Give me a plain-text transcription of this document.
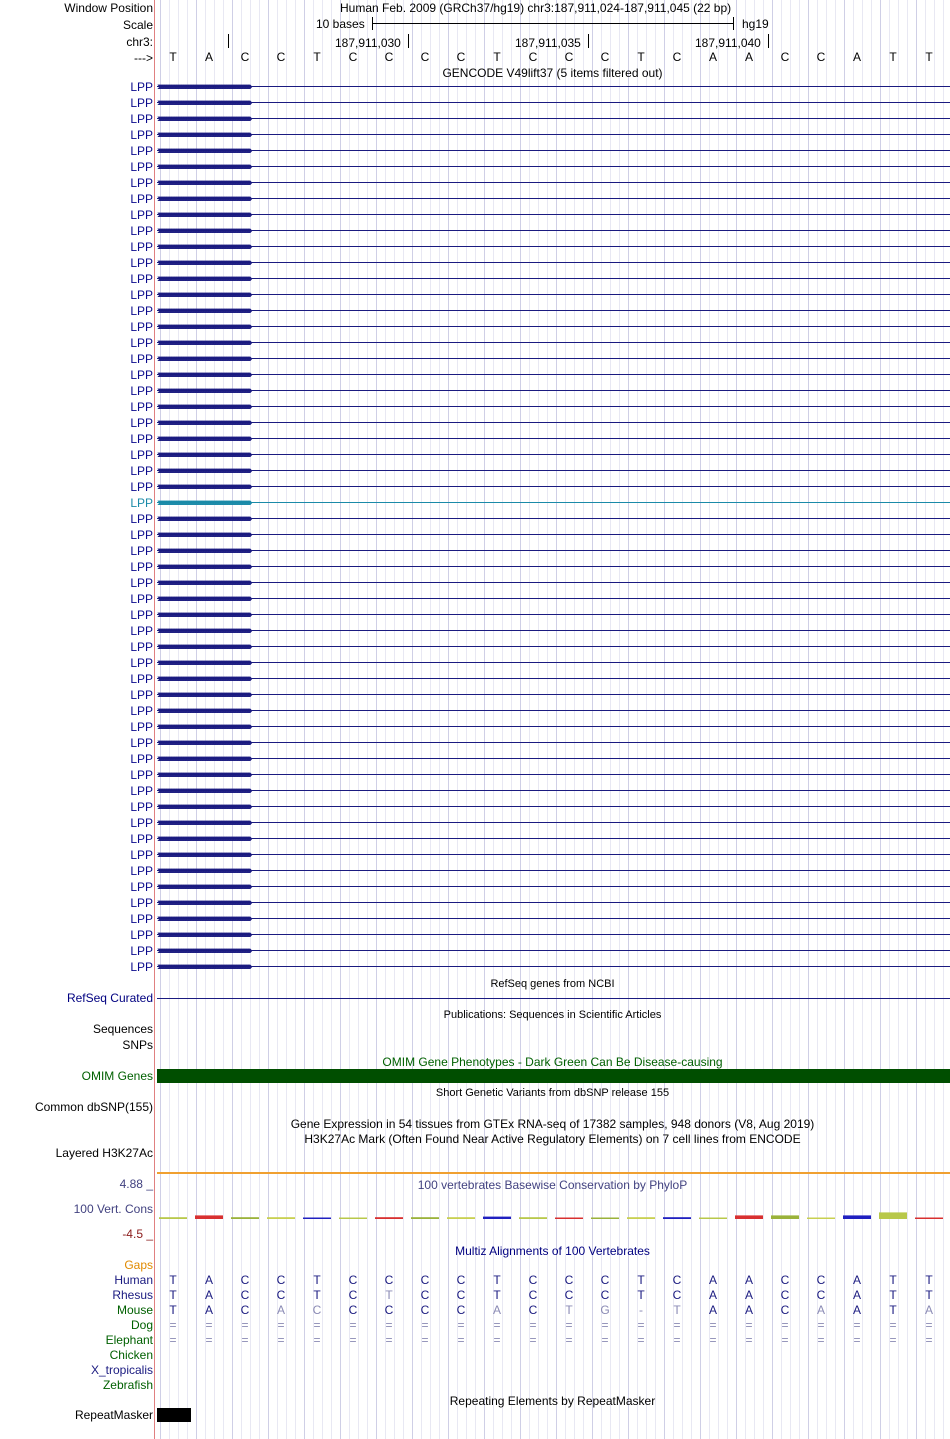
Window Position
Scale
chr3:
--->
Human Feb. 2009 (GRCh37/hg19) chr3:187,911,024-187,911,045 (22 bp)
10 bases	hg19
187,911,030	187,911,035	187,911,040
T	A	C	C	T	C	C	C	C	T	C	C	C	T	C	A	A	C	C	A	T	T
GENCODE V49lift37 (5 items filtered out)
LPP ››››››››››››››››››››››››››››››››››››››››››››››››››››››››››››››››››››››››››››››››››››››››››››››››››››››››››››››››››››››››››››››››››
LPP ››››››››››››››››››››››››››››››››››››››››››››››››››››››››››››››››››››››››››››››››››››››››››››››››››››››››››››››››››››››››››››››››››
LPP ››››››››››››››››››››››››››››››››››››››››››››››››››››››››››››››››››››››››››››››››››››››››››››››››››››››››››››››››››››››››››››››››››
LPP ››››››››››››››››››››››››››››››››››››››››››››››››››››››››››››››››››››››››››››››››››››››››››››››››››››››››››››››››››››››››››››››››››
LPP ››››››››››››››››››››››››››››››››››››››››››››››››››››››››››››››››››››››››››››››››››››››››››››››››››››››››››››››››››››››››››››››››››
LPP ››››››››››››››››››››››››››››››››››››››››››››››››››››››››››››››››››››››››››››››››››››››››››››››››››››››››››››››››››››››››››››››››››
LPP ››››››››››››››››››››››››››››››››››››››››››››››››››››››››››››››››››››››››››››››››››››››››››››››››››››››››››››››››››››››››››››››››››
LPP ››››››››››››››››››››››››››››››››››››››››››››››››››››››››››››››››››››››››››››››››››››››››››››››››››››››››››››››››››››››››››››››››››
LPP ››››››››››››››››››››››››››››››››››››››››››››››››››››››››››››››››››››››››››››››››››››››››››››››››››››››››››››››››››››››››››››››››››
LPP ››››››››››››››››››››››››››››››››››››››››››››››››››››››››››››››››››››››››››››››››››››››››››››››››››››››››››››››››››››››››››››››››››
LPP ››››››››››››››››››››››››››››››››››››››››››››››››››››››››››››››››››››››››››››››››››››››››››››››››››››››››››››››››››››››››››››››››››
LPP ››››››››››››››››››››››››››››››››››››››››››››››››››››››››››››››››››››››››››››››››››››››››››››››››››››››››››››››››››››››››››››››››››
LPP ››››››››››››››››››››››››››››››››››››››››››››››››››››››››››››››››››››››››››››››››››››››››››››››››››››››››››››››››››››››››››››››››››
LPP ››››››››››››››››››››››››››››››››››››››››››››››››››››››››››››››››››››››››››››››››››››››››››››››››››››››››››››››››››››››››››››››››››
LPP ››››››››››››››››››››››››››››››››››››››››››››››››››››››››››››››››››››››››››››››››››››››››››››››››››››››››››››››››››››››››››››››››››
LPP ››››››››››››››››››››››››››››››››››››››››››››››››››››››››››››››››››››››››››››››››››››››››››››››››››››››››››››››››››››››››››››››››››
LPP ››››››››››››››››››››››››››››››››››››››››››››››››››››››››››››››››››››››››››››››››››››››››››››››››››››››››››››››››››››››››››››››››››
LPP ››››››››››››››››››››››››››››››››››››››››››››››››››››››››››››››››››››››››››››››››››››››››››››››››››››››››››››››››››››››››››››››››››
LPP ››››››››››››››››››››››››››››››››››››››››››››››››››››››››››››››››››››››››››››››››››››››››››››››››››››››››››››››››››››››››››››››››››
LPP ››››››››››››››››››››››››››››››››››››››››››››››››››››››››››››››››››››››››››››››››››››››››››››››››››››››››››››››››››››››››››››››››››
LPP ››››››››››››››››››››››››››››››››››››››››››››››››››››››››››››››››››››››››››››››››››››››››››››››››››››››››››››››››››››››››››››››››››
LPP ››››››››››››››››››››››››››››››››››››››››››››››››››››››››››››››››››››››››››››››››››››››››››››››››››››››››››››››››››››››››››››››››››
LPP ››››››››››››››››››››››››››››››››››››››››››››››››››››››››››››››››››››››››››››››››››››››››››››››››››››››››››››››››››››››››››››››››››
LPP ››››››››››››››››››››››››››››››››››››››››››››››››››››››››››››››››››››››››››››››››››››››››››››››››››››››››››››››››››››››››››››››››››
LPP ››››››››››››››››››››››››››››››››››››››››››››››››››››››››››››››››››››››››››››››››››››››››››››››››››››››››››››››››››››››››››››››››››
LPP ››››››››››››››››››››››››››››››››››››››››››››››››››››››››››››››››››››››››››››››››››››››››››››››››››››››››››››››››››››››››››››››››››
LPP ››››››››››››››››››››››››››››››››››››››››››››››››››››››››››››››››››››››››››››››››››››››››››››››››››››››››››››››››››››››››››››››››››
LPP ››››››››››››››››››››››››››››››››››››››››››››››››››››››››››››››››››››››››››››››››››››››››››››››››››››››››››››››››››››››››››››››››››
LPP ››››››››››››››››››››››››››››››››››››››››››››››››››››››››››››››››››››››››››››››››››››››››››››››››››››››››››››››››››››››››››››››››››
LPP ››››››››››››››››››››››››››››››››››››››››››››››››››››››››››››››››››››››››››››››››››››››››››››››››››››››››››››››››››››››››››››››››››
LPP ››››››››››››››››››››››››››››››››››››››››››››››››››››››››››››››››››››››››››››››››››››››››››››››››››››››››››››››››››››››››››››››››››
LPP ››››››››››››››››››››››››››››››››››››››››››››››››››››››››››››››››››››››››››››››››››››››››››››››››››››››››››››››››››››››››››››››››››
LPP ››››››››››››››››››››››››››››››››››››››››››››››››››››››››››››››››››››››››››››››››››››››››››››››››››››››››››››››››››››››››››››››››››
LPP ››››››››››››››››››››››››››››››››››››››››››››››››››››››››››››››››››››››››››››››››››››››››››››››››››››››››››››››››››››››››››››››››››
LPP ››››››››››››››››››››››››››››››››››››››››››››››››››››››››››››››››››››››››››››››››››››››››››››››››››››››››››››››››››››››››››››››››››
LPP ››››››››››››››››››››››››››››››››››››››››››››››››››››››››››››››››››››››››››››››››››››››››››››››››››››››››››››››››››››››››››››››››››
LPP ››››››››››››››››››››››››››››››››››››››››››››››››››››››››››››››››››››››››››››››››››››››››››››››››››››››››››››››››››››››››››››››››››
LPP ››››››››››››››››››››››››››››››››››››››››››››››››››››››››››››››››››››››››››››››››››››››››››››››››››››››››››››››››››››››››››››››››››
LPP ››››››››››››››››››››››››››››››››››››››››››››››››››››››››››››››››››››››››››››››››››››››››››››››››››››››››››››››››››››››››››››››››››
LPP ››››››››››››››››››››››››››››››››››››››››››››››››››››››››››››››››››››››››››››››››››››››››››››››››››››››››››››››››››››››››››››››››››
LPP ››››››››››››››››››››››››››››››››››››››››››››››››››››››››››››››››››››››››››››››››››››››››››››››››››››››››››››››››››››››››››››››››››
LPP ››››››››››››››››››››››››››››››››››››››››››››››››››››››››››››››››››››››››››››››››››››››››››››››››››››››››››››››››››››››››››››››››››
LPP ››››››››››››››››››››››››››››››››››››››››››››››››››››››››››››››››››››››››››››››››››››››››››››››››››››››››››››››››››››››››››››››››››
LPP ››››››››››››››››››››››››››››››››››››››››››››››››››››››››››››››››››››››››››››››››››››››››››››››››››››››››››››››››››››››››››››››››››
LPP ››››››››››››››››››››››››››››››››››››››››››››››››››››››››››››››››››››››››››››››››››››››››››››››››››››››››››››››››››››››››››››››››››
LPP ››››››››››››››››››››››››››››››››››››››››››››››››››››››››››››››››››››››››››››››››››››››››››››››››››››››››››››››››››››››››››››››››››
LPP ››››››››››››››››››››››››››››››››››››››››››››››››››››››››››››››››››››››››››››››››››››››››››››››››››››››››››››››››››››››››››››››››››
LPP ››››››››››››››››››››››››››››››››››››››››››››››››››››››››››››››››››››››››››››››››››››››››››››››››››››››››››››››››››››››››››››››››››
LPP ››››››››››››››››››››››››››››››››››››››››››››››››››››››››››››››››››››››››››››››››››››››››››››››››››››››››››››››››››››››››››››››››››
LPP ››››››››››››››››››››››››››››››››››››››››››››››››››››››››››››››››››››››››››››››››››››››››››››››››››››››››››››››››››››››››››››››››››
LPP ››››››››››››››››››››››››››››››››››››››››››››››››››››››››››››››››››››››››››››››››››››››››››››››››››››››››››››››››››››››››››››››››››
LPP ››››››››››››››››››››››››››››››››››››››››››››››››››››››››››››››››››››››››››››››››››››››››››››››››››››››››››››››››››››››››››››››››››
LPP ››››››››››››››››››››››››››››››››››››››››››››››››››››››››››››››››››››››››››››››››››››››››››››››››››››››››››››››››››››››››››››››››››
LPP ››››››››››››››››››››››››››››››››››››››››››››››››››››››››››››››››››››››››››››››››››››››››››››››››››››››››››››››››››››››››››››››››››
LPP ››››››››››››››››››››››››››››››››››››››››››››››››››››››››››››››››››››››››››››››››››››››››››››››››››››››››››››››››››››››››››››››››››
LPP ››››››››››››››››››››››››››››››››››››››››››››››››››››››››››››››››››››››››››››››››››››››››››››››››››››››››››››››››››››››››››››››››››
RefSeq genes from NCBI
RefSeq Curated
Publications: Sequences in Scientific Articles
Sequences
SNPs
OMIM Gene Phenotypes - Dark Green Can Be Disease-causing
OMIM Genes
Short Genetic Variants from dbSNP release 155
Common dbSNP(155)
Gene Expression in 54 tissues from GTEx RNA-seq of 17382 samples, 948 donors (V8, Aug 2019)
H3K27Ac Mark (Often Found Near Active Regulatory Elements) on 7 cell lines from ENCODE
Layered H3K27Ac
100 vertebrates Basewise Conservation by PhyloP
4.88 _
100 Vert. Cons
-4.5 _
Multiz Alignments of 100 Vertebrates
Gaps
Human	T	A	C	C	T	C	C	C	C	T	C	C	C	T	C	A	A	C	C	A	T	T
Rhesus	T	A	C	C	T	C	T	C	C	T	C	C	C	T	C	A	A	C	C	A	T	T
Mouse	T	A	C	A	C	C	C	C	C	A	C	T	G	-	T	A	A	C	A	A	T	A
Dog	=	=	=	=	=	=	=	=	=	=	=	=	=	=	=	=	=	=	=	=	=	=
Elephant	=	=	=	=	=	=	=	=	=	=	=	=	=	=	=	=	=	=	=	=	=	=
Chicken
X_tropicalis
Zebrafish
Repeating Elements by RepeatMasker
RepeatMasker
